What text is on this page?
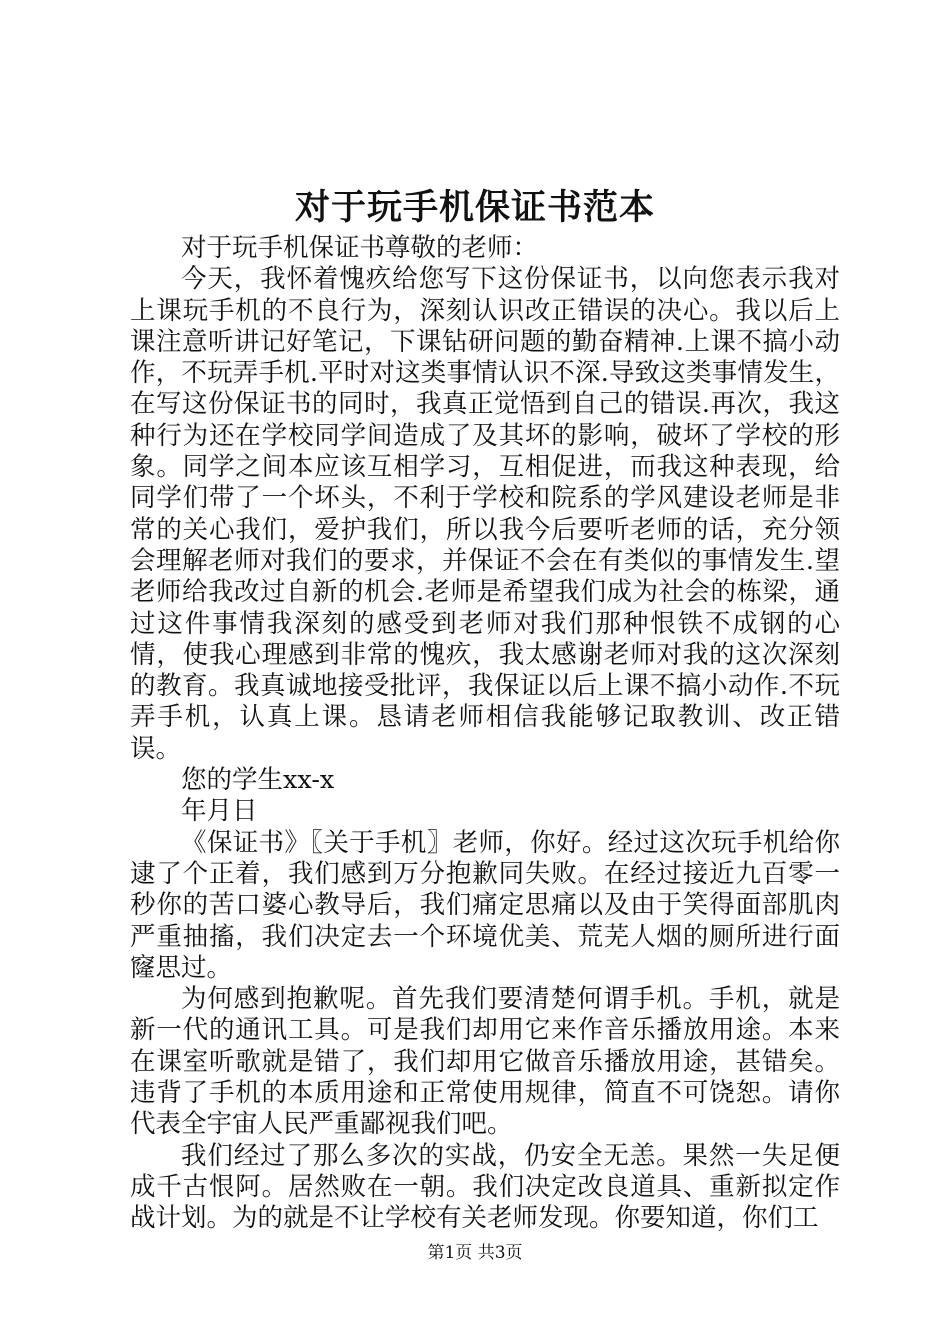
对于玩手机保证书范本

对于玩手机保证书尊敬的老师：

今天，我怀着愧疚给您写下这份保证书，以向您表示我对上课玩手机的不良行为，深刻认识改正错误的决心。我以后上课注意听讲记好笔记，下课钻研问题的勤奋精神.上课不搞小动作，不玩弄手机.平时对这类事情认识不深.导致这类事情发生，在写这份保证书的同时，我真正觉悟到自己的错误.再次，我这种行为还在学校同学间造成了及其坏的影响，破坏了学校的形象。同学之间本应该互相学习，互相促进，而我这种表现，给同学们带了一个坏头，不利于学校和院系的学风建设老师是非常的关心我们，爱护我们，所以我今后要听老师的话，充分领会理解老师对我们的要求，并保证不会在有类似的事情发生.望老师给我改过自新的机会.老师是希望我们成为社会的栋梁，通过这件事情我深刻的感受到老师对我们那种恨铁不成钢的心情，使我心理感到非常的愧疚，我太感谢老师对我的这次深刻的教育。我真诚地接受批评，我保证以后上课不搞小动作.不玩弄手机，认真上课。恳请老师相信我能够记取教训、改正错误。

您的学生xx-x

年月日

《保证书》〖关于手机〗老师，你好。经过这次玩手机给你逮了个正着，我们感到万分抱歉同失败。在经过接近九百零一秒你的苦口婆心教导后，我们痛定思痛以及由于笑得面部肌肉严重抽搐，我们决定去一个环境优美、荒芜人烟的厕所进行面窿思过。

为何感到抱歉呢。首先我们要清楚何谓手机。手机，就是新一代的通讯工具。可是我们却用它来作音乐播放用途。本来在课室听歌就是错了，我们却用它做音乐播放用途，甚错矣。违背了手机的本质用途和正常使用规律，简直不可饶恕。请你代表全宇宙人民严重鄙视我们吧。

我们经过了那么多次的实战，仍安全无恙。果然一失足便成千古恨阿。居然败在一朝。我们决定改良道具、重新拟定作战计划。为的就是不让学校有关老师发现。你要知道，你们工

第1页 共3页
